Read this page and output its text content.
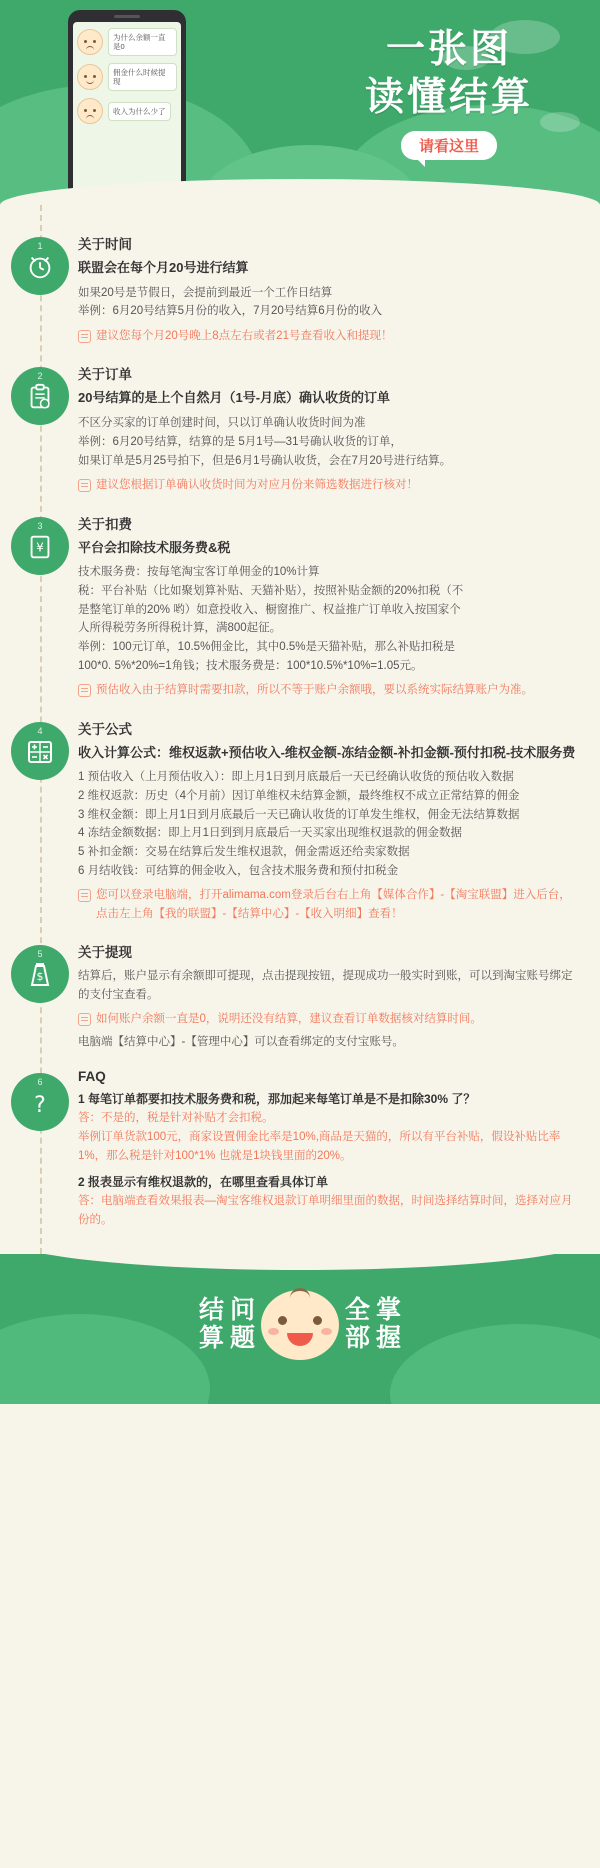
为什么余额一直是0
佣金什么时候提现
收入为什么少了
一张图
读懂结算
请看这里
1	关于时间
联盟会在每个月20号进行结算
如果20号是节假日，会提前到最近一个工作日结算
举例：6月20号结算5月份的收入，7月20号结算6月份的收入
建议您每个月20号晚上8点左右或者21号查看收入和提现！
2	关于订单
20号结算的是上个自然月（1号-月底）确认收货的订单
不区分买家的订单创建时间，只以订单确认收货时间为准
举例：6月20号结算，结算的是 5月1号—31号确认收货的订单，
如果订单是5月25号拍下，但是6月1号确认收货，会在7月20号进行结算。
建议您根据订单确认收货时间为对应月份来筛选数据进行核对！
3
¥
关于扣费
平台会扣除技术服务费&税
技术服务费：按每笔淘宝客订单佣金的10%计算
税：平台补贴（比如聚划算补贴、天猫补贴），按照补贴金额的20%扣税（不
是整笔订单的20% 哟）如意投收入、橱窗推广、权益推广订单收入按国家个
人所得税劳务所得税计算，满800起征。
举例：100元订单，10.5%佣金比，其中0.5%是天猫补贴，那么补贴扣税是
100*0. 5%*20%=1角钱；技术服务费是：100*10.5%*10%=1.05元。
预估收入由于结算时需要扣款，所以不等于账户余额哦，要以系统实际结算账户为准。
4	关于公式
收入计算公式：维权返款+预估收入-维权金额-冻结金额-补扣金额-预付扣税-技术服务费
1 预估收入（上月预估收入）：即上月1日到月底最后一天已经确认收货的预估收入数据
2 维权返款：历史（4个月前）因订单维权未结算金额，最终维权不成立正常结算的佣金
3 维权金额：即上月1日到月底最后一天已确认收货的订单发生维权，佣金无法结算数据
4 冻结金额数据：即上月1日到到月底最后一天买家出现维权退款的佣金数据
5 补扣金额：交易在结算后发生维权退款，佣金需返还给卖家数据
6 月结收钱：可结算的佣金收入，包含技术服务费和预付扣税金
您可以登录电脑端，打开alimama.com登录后台右上角【媒体合作】-【淘宝联盟】进入后台，点击左上角【我的联盟】-【结算中心】-【收入明细】查看！
5
$
关于提现
结算后，账户显示有余额即可提现，点击提现按钮，提现成功一般实时到账，可以到淘宝账号绑定的支付宝查看。
如何账户余额一直是0，说明还没有结算，建议查看订单数据核对结算时间。
电脑端【结算中心】-【管理中心】可以查看绑定的支付宝账号。
6
?
FAQ
1 每笔订单都要扣技术服务费和税，那加起来每笔订单是不是扣除30% 了？
答：不是的，税是针对补贴才会扣税。
举例订单货款100元，商家设置佣金比率是10%,商品是天猫的，所以有平台补贴，假设补贴比率1%，那么税是针对100*1% 也就是1块钱里面的20%。
2 报表显示有维权退款的，在哪里查看具体订单
答：电脑端查看效果报表—淘宝客维权退款订单明细里面的数据，时间选择结算时间，选择对应月份的。
结
算
问
题
全
部
掌
握
